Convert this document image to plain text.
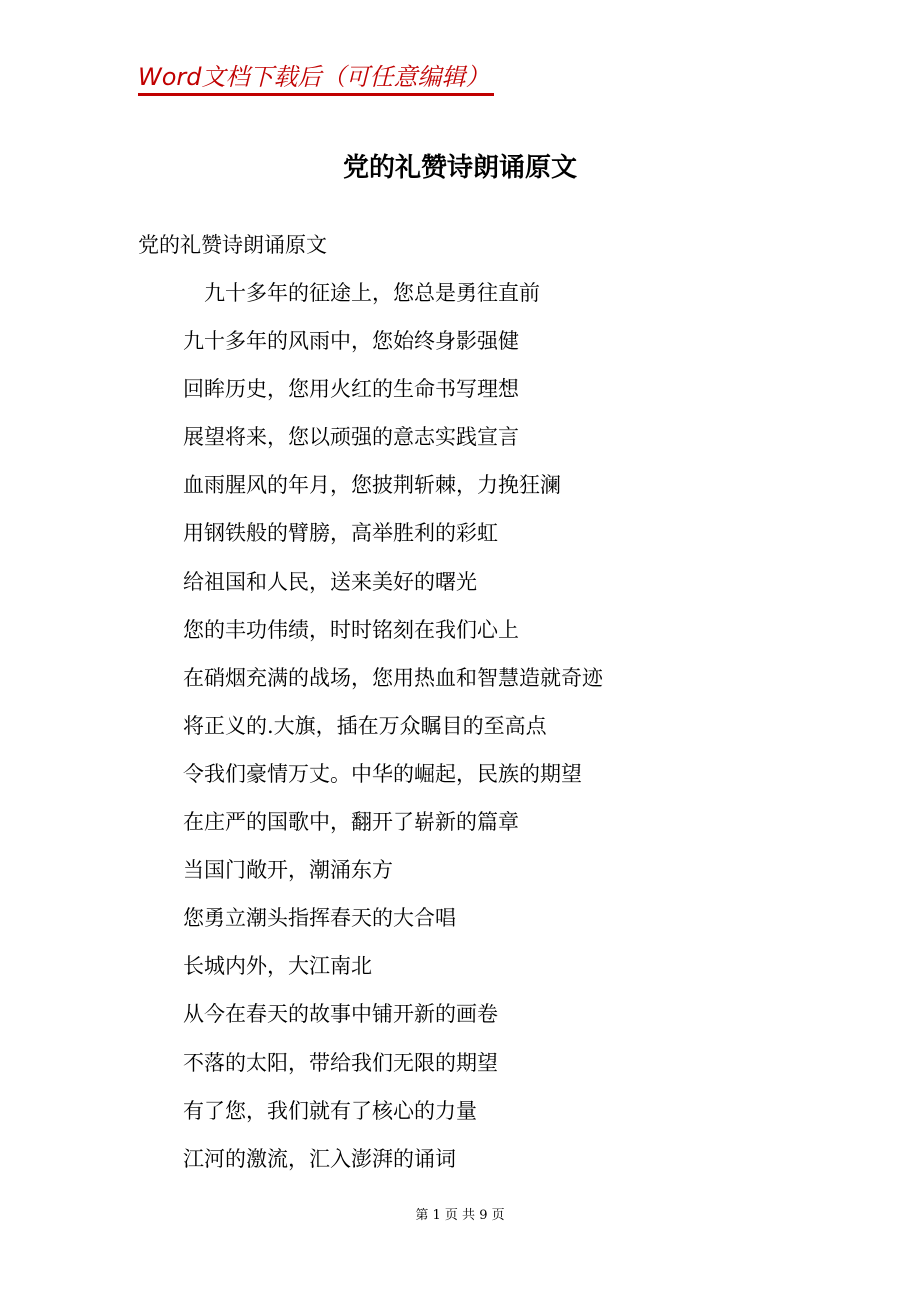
Word文档下载后（可任意编辑）
党的礼赞诗朗诵原文
党的礼赞诗朗诵原文
九十多年的征途上，您总是勇往直前
九十多年的风雨中，您始终身影强健
回眸历史，您用火红的生命书写理想
展望将来，您以顽强的意志实践宣言
血雨腥风的年月，您披荆斩棘，力挽狂澜
用钢铁般的臂膀，高举胜利的彩虹
给祖国和人民，送来美好的曙光
您的丰功伟绩，时时铭刻在我们心上
在硝烟充满的战场，您用热血和智慧造就奇迹
将正义的.大旗，插在万众瞩目的至高点
令我们豪情万丈。中华的崛起，民族的期望
在庄严的国歌中，翻开了崭新的篇章
当国门敞开，潮涌东方
您勇立潮头指挥春天的大合唱
长城内外，大江南北
从今在春天的故事中铺开新的画卷
不落的太阳，带给我们无限的期望
有了您，我们就有了核心的力量
江河的激流，汇入澎湃的诵词
第 1 页 共 9 页
